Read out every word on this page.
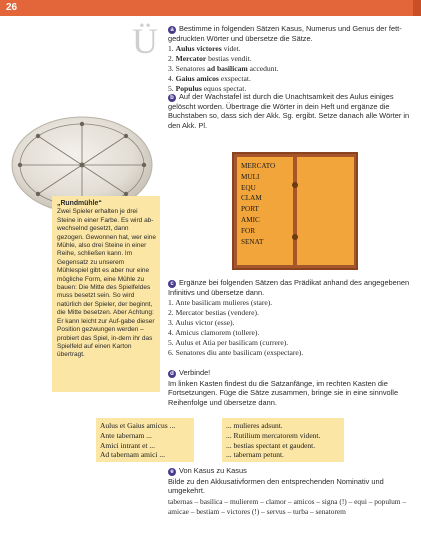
26
Ü	a Bestimme in folgenden Sätzen Kasus, Numerus und Genus der fett-gedruckten Wörter und übersetze die Sätze.

1. Aulus victores videt.
2. Mercator bestias vendit.
3. Senatores ad basilicam accedunt.
4. Gaius amicos exspectat.
5. Populus equos spectat.

b Auf der Wachstafel ist durch die Unachtsamkeit des Aulus einiges gelöscht worden. Übertrage die Wörter in dein Heft und ergänze die Buchstaben so, dass sich der Akk. Sg. ergibt. Setze danach alle Wörter in den Akk. Pl.

„Rundmühle“
Zwei Spieler erhalten je drei Steine in einer Farbe. Es wird ab-wechselnd gesetzt, dann gezogen. Gewonnen hat, wer eine Mühle, also drei Steine in einer Reihe, schließen kann. Im Gegensatz zu unserem Mühlespiel gibt es aber nur eine mögliche Form, eine Mühle zu bauen: Die Mitte des Spielfeldes muss besetzt sein. So wird natürlich der Spieler, der beginnt, die Mitte besetzen. Aber Achtung: Er kann leicht zur Auf-gabe dieser Position gezwungen werden – probiert das Spiel, in-dem ihr das Spielfeld auf einen Karton übertragt.
MERCATO
MULI
EQU
CLAM
PORT
AMIC
FOR
SENAT

c Ergänze bei folgenden Sätzen das Prädikat anhand des angegebenen Infinitivs und übersetze dann.

1. Ante basilicam mulieres (stare).
2. Mercator bestias (vendere).
3. Aulus victor (esse).
4. Amicus clamorem (tollere).
5. Aulus et Atia per basilicam (currere).
6. Senatores diu ante basilicam (exspectare).

d Verbinde!

Im linken Kasten findest du die Satzanfänge, im rechten Kasten die Fortsetzungen. Füge die Sätze zusammen, bringe sie in eine sinnvolle Reihenfolge und übersetze dann.

Aulus et Gaius amicus ...
Ante tabernam ...
Amici intrant et ...
Ad tabernam amici ...
... mulieres adsunt.
... Rutilium mercatorem vident.
... bestias spectant et gaudent.
... tabernam petunt.

e Von Kasus zu Kasus

Bilde zu den Akkusativformen den entsprechenden Nominativ und umgekehrt.

tabernas – basilica – mulierem – clamor – amicos – signa (!) – equi – populum – amicae – bestiam – victores (!) – servus – turba – senatorem
